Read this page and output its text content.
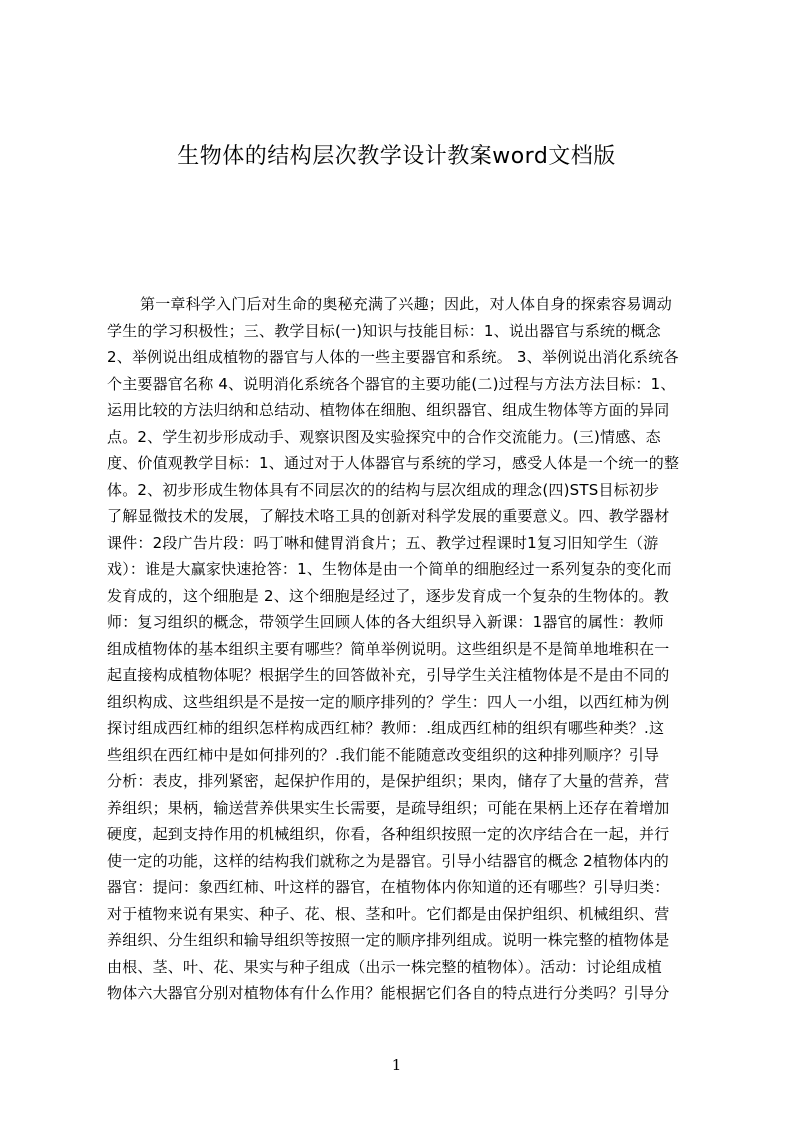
生物体的结构层次教学设计教案word文档版
第一章科学入门后对生命的奥秘充满了兴趣；因此，对人体自身的探索容易调动
学生的学习积极性；三、教学目标(一)知识与技能目标：1、说出器官与系统的概念
2、举例说出组成植物的器官与人体的一些主要器官和系统。 3、举例说出消化系统各
个主要器官名称 4、说明消化系统各个器官的主要功能(二)过程与方法方法目标：1、
运用比较的方法归纳和总结动、植物体在细胞、组织器官、组成生物体等方面的异同
点。2、学生初步形成动手、观察识图及实验探究中的合作交流能力。(三)情感、态
度、价值观教学目标：1、通过对于人体器官与系统的学习，感受人体是一个统一的整
体。2、初步形成生物体具有不同层次的的结构与层次组成的理念(四)STS目标初步
了解显微技术的发展，了解技术咯工具的创新对科学发展的重要意义。四、教学器材
课件：2段广告片段：吗丁啉和健胃消食片；五、教学过程课时1复习旧知学生（游
戏）：谁是大赢家快速抢答：1、生物体是由一个简单的细胞经过一系列复杂的变化而
发育成的，这个细胞是 2、这个细胞是经过了，逐步发育成一个复杂的生物体的。教
师：复习组织的概念，带领学生回顾人体的各大组织导入新课：1器官的属性：教师
组成植物体的基本组织主要有哪些？简单举例说明。这些组织是不是简单地堆积在一
起直接构成植物体呢？根据学生的回答做补充，引导学生关注植物体是不是由不同的
组织构成、这些组织是不是按一定的顺序排列的？学生：四人一小组，以西红柿为例
探讨组成西红柿的组织怎样构成西红柿？教师：.组成西红柿的组织有哪些种类？.这
些组织在西红柿中是如何排列的？.我们能不能随意改变组织的这种排列顺序？引导
分析：表皮，排列紧密，起保护作用的，是保护组织；果肉，储存了大量的营养，营
养组织；果柄，输送营养供果实生长需要，是疏导组织；可能在果柄上还存在着增加
硬度，起到支持作用的机械组织，你看，各种组织按照一定的次序结合在一起，并行
使一定的功能，这样的结构我们就称之为是器官。引导小结器官的概念 2植物体内的
器官：提问：象西红柿、叶这样的器官，在植物体内你知道的还有哪些？引导归类：
对于植物来说有果实、种子、花、根、茎和叶。它们都是由保护组织、机械组织、营
养组织、分生组织和输导组织等按照一定的顺序排列组成。说明一株完整的植物体是
由根、茎、叶、花、果实与种子组成（出示一株完整的植物体）。活动：讨论组成植
物体六大器官分别对植物体有什么作用？能根据它们各自的特点进行分类吗？引导分
1
